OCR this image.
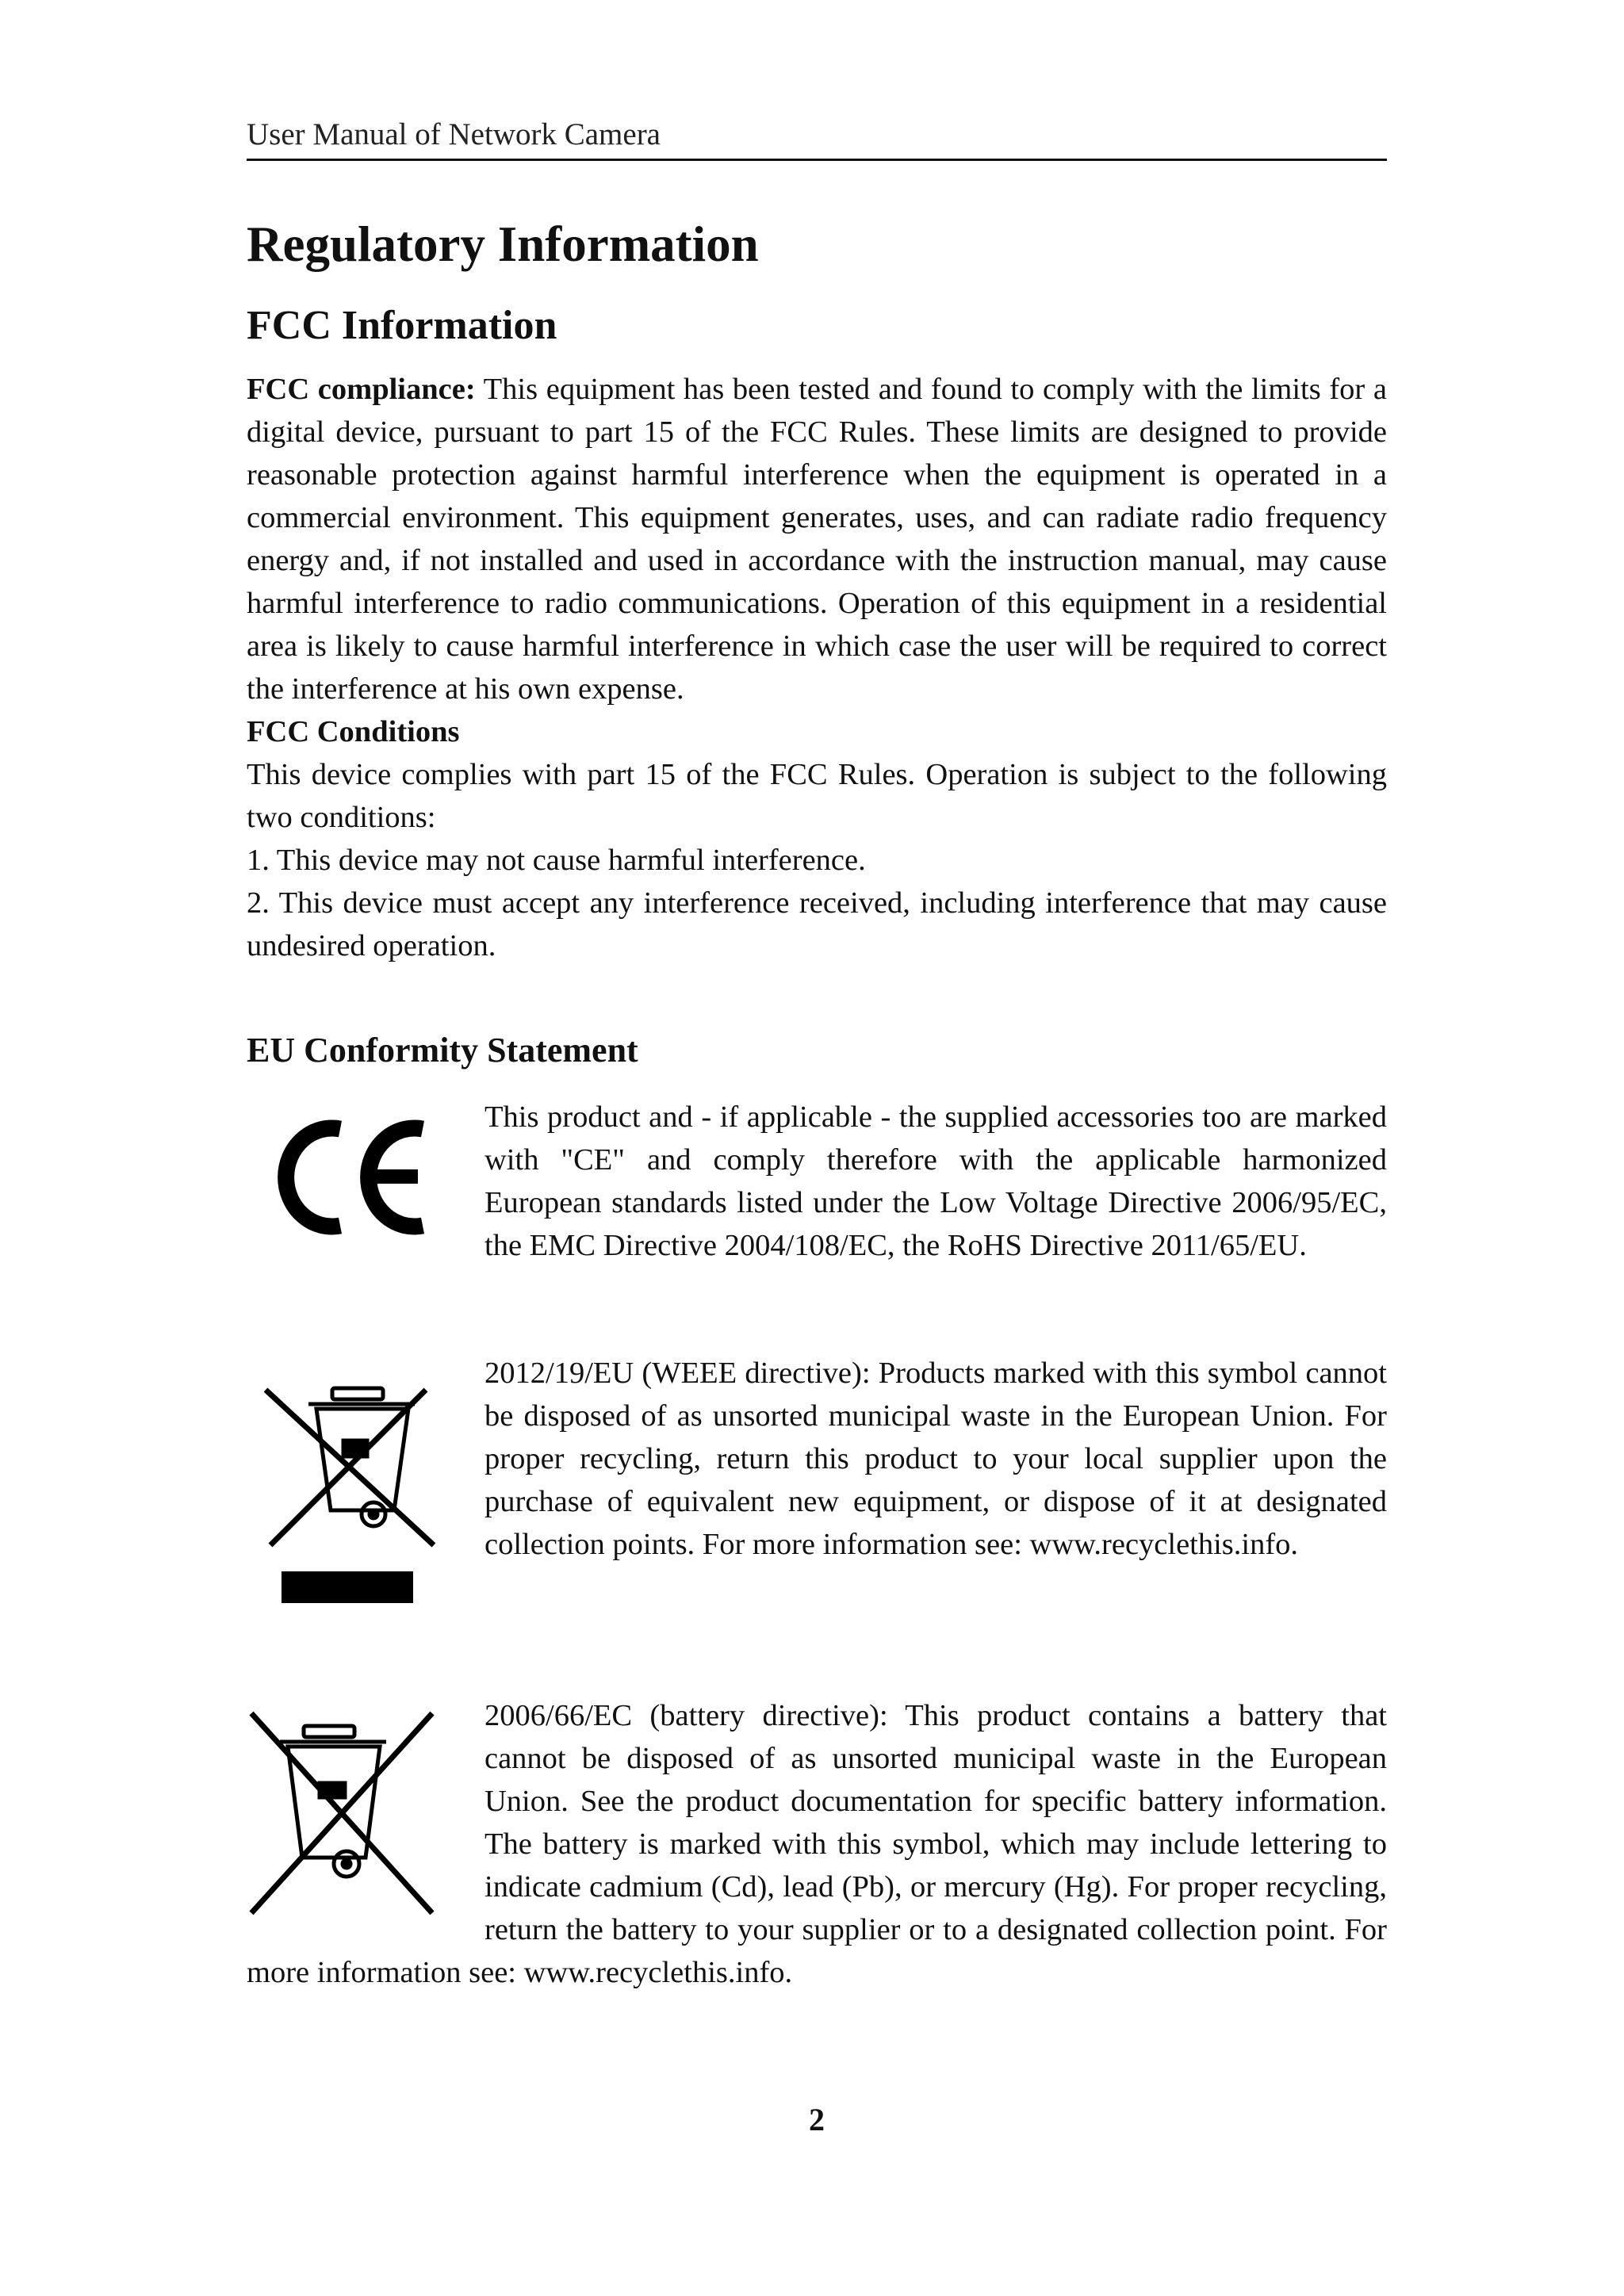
User Manual of Network Camera
Regulatory Information
FCC Information

FCC compliance: This equipment has been tested and found to comply with the limits for a digital device, pursuant to part 15 of the FCC Rules. These limits are designed to provide reasonable protection against harmful interference when the equipment is operated in a commercial environment. This equipment generates, uses, and can radiate radio frequency energy and, if not installed and used in accordance with the instruction manual, may cause harmful interference to radio communications. Operation of this equipment in a residential area is likely to cause harmful interference in which case the user will be required to correct the interference at his own expense.

FCC Conditions

This device complies with part 15 of the FCC Rules. Operation is subject to the following two conditions:

1. This device may not cause harmful interference.

2. This device must accept any interference received, including interference that may cause undesired operation.

EU Conformity Statement

This product and - if applicable - the supplied accessories too are marked with "CE" and comply therefore with the applicable harmonized European standards listed under the Low Voltage Directive 2006/95/EC, the EMC Directive 2004/108/EC, the RoHS Directive 2011/65/EU.

2012/19/EU (WEEE directive): Products marked with this symbol cannot be disposed of as unsorted municipal waste in the European Union. For proper recycling, return this product to your local supplier upon the purchase of equivalent new equipment, or dispose of it at designated collection points. For more information see: www.recyclethis.info.

2006/66/EC (battery directive): This product contains a battery that cannot be disposed of as unsorted municipal waste in the European Union. See the product documentation for specific battery information. The battery is marked with this symbol, which may include lettering to indicate cadmium (Cd), lead (Pb), or mercury (Hg). For proper recycling, return the battery to your supplier or to a designated collection point. For more information see: www.recyclethis.info.

2
